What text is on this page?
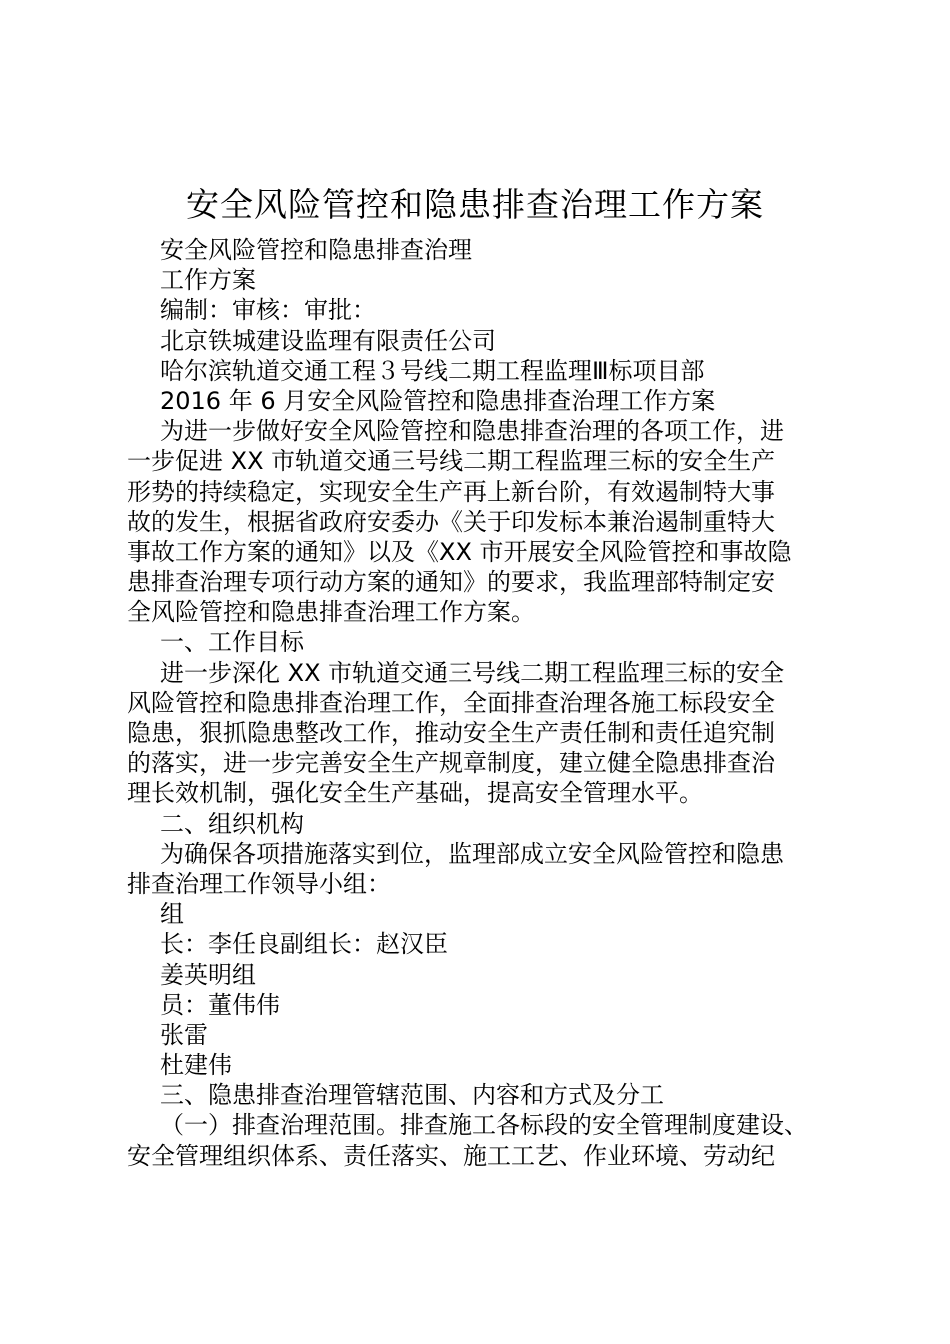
安全风险管控和隐患排查治理工作方案

安全风险管控和隐患排查治理

工作方案

编制：审核：审批：

北京铁城建设监理有限责任公司

哈尔滨轨道交通工程３号线二期工程监理Ⅲ标项目部

2016 年 6 月安全风险管控和隐患排查治理工作方案

为进一步做好安全风险管控和隐患排查治理的各项工作，进

一步促进 XX 市轨道交通三号线二期工程监理三标的安全生产

形势的持续稳定，实现安全生产再上新台阶，有效遏制特大事

故的发生，根据省政府安委办《关于印发标本兼治遏制重特大

事故工作方案的通知》以及《XX 市开展安全风险管控和事故隐

患排查治理专项行动方案的通知》的要求，我监理部特制定安

全风险管控和隐患排查治理工作方案。

一、工作目标

进一步深化 XX 市轨道交通三号线二期工程监理三标的安全

风险管控和隐患排查治理工作，全面排查治理各施工标段安全

隐患，狠抓隐患整改工作，推动安全生产责任制和责任追究制

的落实，进一步完善安全生产规章制度，建立健全隐患排查治

理长效机制，强化安全生产基础，提高安全管理水平。

二、组织机构

为确保各项措施落实到位，监理部成立安全风险管控和隐患

排查治理工作领导小组：

组

长：李任良副组长：赵汉臣

姜英明组

员：董伟伟

张雷

杜建伟

三、隐患排查治理管辖范围、内容和方式及分工

（一）排查治理范围。排查施工各标段的安全管理制度建设、

安全管理组织体系、责任落实、施工工艺、作业环境、劳动纪
